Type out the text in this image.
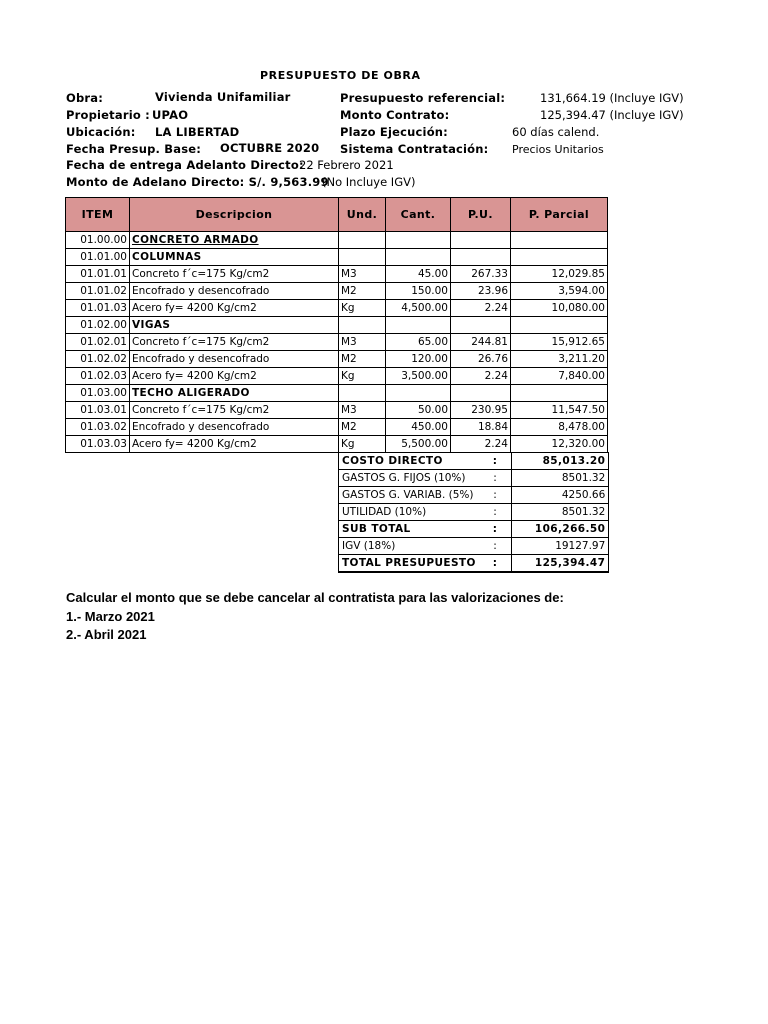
PRESUPUESTO DE OBRA
Obra:	Vivienda Unifamiliar
Propietario : UPAO
Ubicación: LA LIBERTAD
Fecha Presup. Base: OCTUBRE 2020
Fecha de entrega Adelanto Directo:
22 Febrero 2021
Monto de Adelano Directo: S/. 9,563.99
(No Incluye IGV)
Presupuesto referencial:	131,664.19 (Incluye IGV)
Monto Contrato:	125,394.47 (Incluye IGV)
Plazo Ejecución:	60 días calend.
Sistema Contratación: Precios Unitarios
ITEM	Descripcion	Und.	Cant.	P.U.	P. Parcial
01.00.00	CONCRETO ARMADO				
01.01.00	COLUMNAS				
01.01.01	Concreto f´c=175 Kg/cm2	M3	45.00	267.33	12,029.85
01.01.02	Encofrado y desencofrado	M2	150.00	23.96	3,594.00
01.01.03	Acero fy= 4200 Kg/cm2	Kg	4,500.00	2.24	10,080.00
01.02.00	VIGAS				
01.02.01	Concreto f´c=175 Kg/cm2	M3	65.00	244.81	15,912.65
01.02.02	Encofrado y desencofrado	M2	120.00	26.76	3,211.20
01.02.03	Acero fy= 4200 Kg/cm2	Kg	3,500.00	2.24	7,840.00
01.03.00	TECHO ALIGERADO				
01.03.01	Concreto f´c=175 Kg/cm2	M3	50.00	230.95	11,547.50
01.03.02	Encofrado y desencofrado	M2	450.00	18.84	8,478.00
01.03.03	Acero fy= 4200 Kg/cm2	Kg	5,500.00	2.24	12,320.00
COSTO DIRECTO	:	85,013.20
GASTOS G. FIJOS (10%)	:	8501.32
GASTOS G. VARIAB. (5%)	:	4250.66
UTILIDAD (10%)	:	8501.32
SUB TOTAL	:	106,266.50
IGV (18%)	:	19127.97
TOTAL PRESUPUESTO	:	125,394.47
Calcular el monto que se debe cancelar al contratista para las valorizaciones de:
1.- Marzo 2021
2.- Abril 2021
